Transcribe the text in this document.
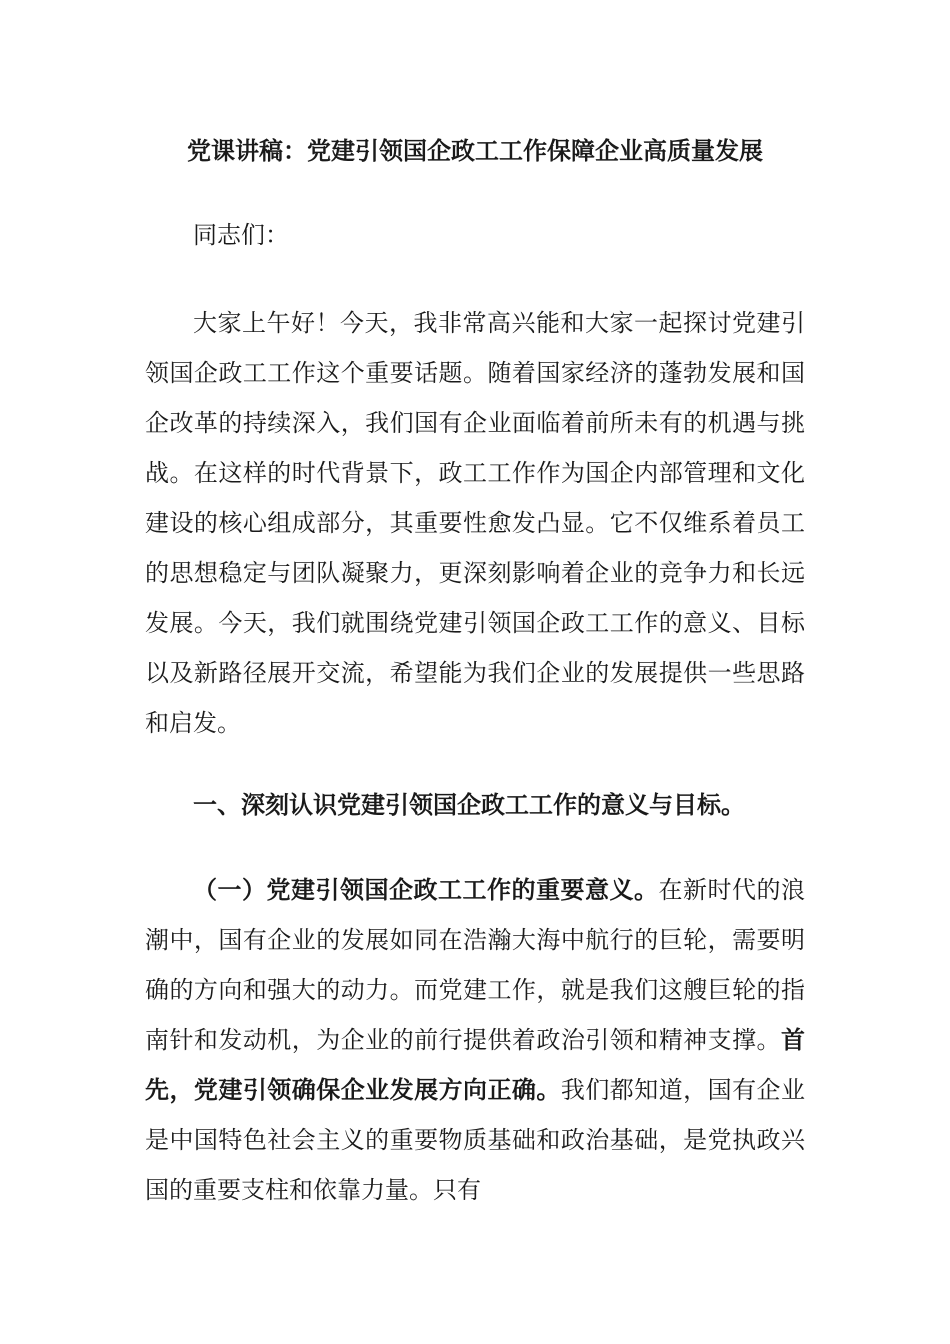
党课讲稿：党建引领国企政工工作保障企业高质量发展
同志们：
大家上午好！今天，我非常高兴能和大家一起探讨党建引领国企政工工作这个重要话题。随着国家经济的蓬勃发展和国企改革的持续深入，我们国有企业面临着前所未有的机遇与挑战。在这样的时代背景下，政工工作作为国企内部管理和文化建设的核心组成部分，其重要性愈发凸显。它不仅维系着员工的思想稳定与团队凝聚力，更深刻影响着企业的竞争力和长远发展。今天，我们就围绕党建引领国企政工工作的意义、目标以及新路径展开交流，希望能为我们企业的发展提供一些思路和启发。
一、深刻认识党建引领国企政工工作的意义与目标。
（一）党建引领国企政工工作的重要意义。在新时代的浪潮中，国有企业的发展如同在浩瀚大海中航行的巨轮，需要明确的方向和强大的动力。而党建工作，就是我们这艘巨轮的指南针和发动机，为企业的前行提供着政治引领和精神支撑。首先，党建引领确保企业发展方向正确。我们都知道，国有企业是中国特色社会主义的重要物质基础和政治基础，是党执政兴国的重要支柱和依靠力量。只有
